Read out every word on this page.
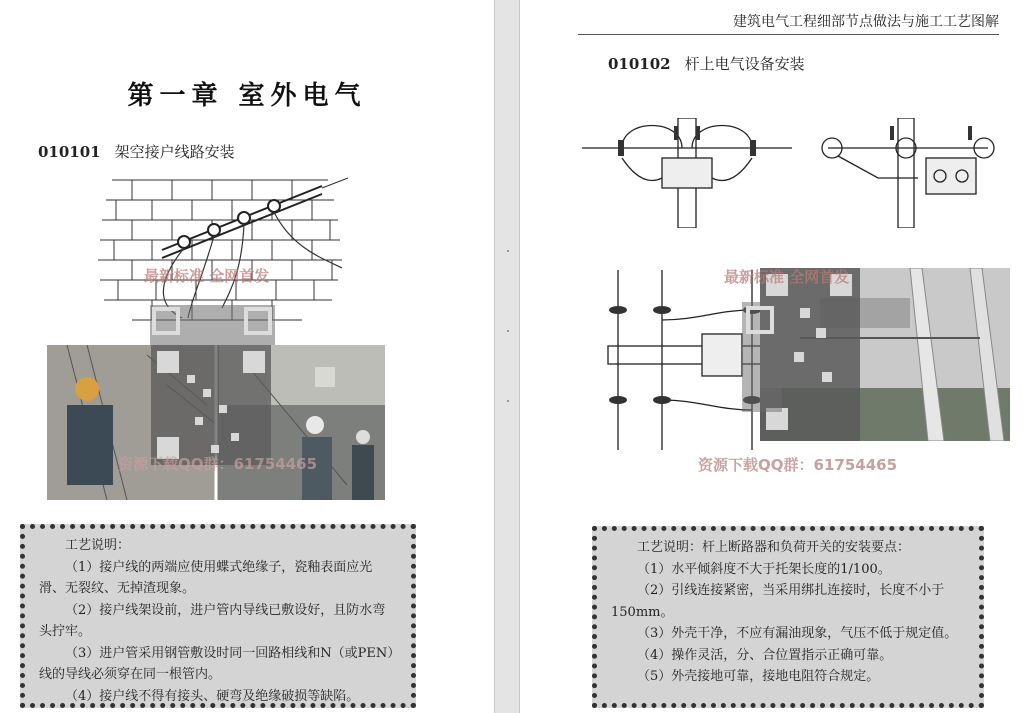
第一章 室外电气
010101 架空接户线路安装
最新标准 全网首发
资源下载QQ群：61754465

工艺说明：

（1）接户线的两端应使用蝶式绝缘子，瓷釉表面应光滑、无裂纹、无掉渣现象。

（2）接户线架设前，进户管内导线已敷设好，且防水弯头拧牢。

（3）进户管采用钢管敷设时同一回路相线和N（或PEN）线的导线必须穿在同一根管内。

（4）接户线不得有接头、硬弯及绝缘破损等缺陷。

建筑电气工程细部节点做法与施工工艺图解
010102 杆上电气设备安装
最新标准 全网首发
资源下载QQ群：61754465

工艺说明：杆上断路器和负荷开关的安装要点：

（1）水平倾斜度不大于托架长度的1/100。

（2）引线连接紧密，当采用绑扎连接时，长度不小于150mm。

（3）外壳干净，不应有漏油现象，气压不低于规定值。

（4）操作灵活，分、合位置指示正确可靠。

（5）外壳接地可靠，接地电阻符合规定。
